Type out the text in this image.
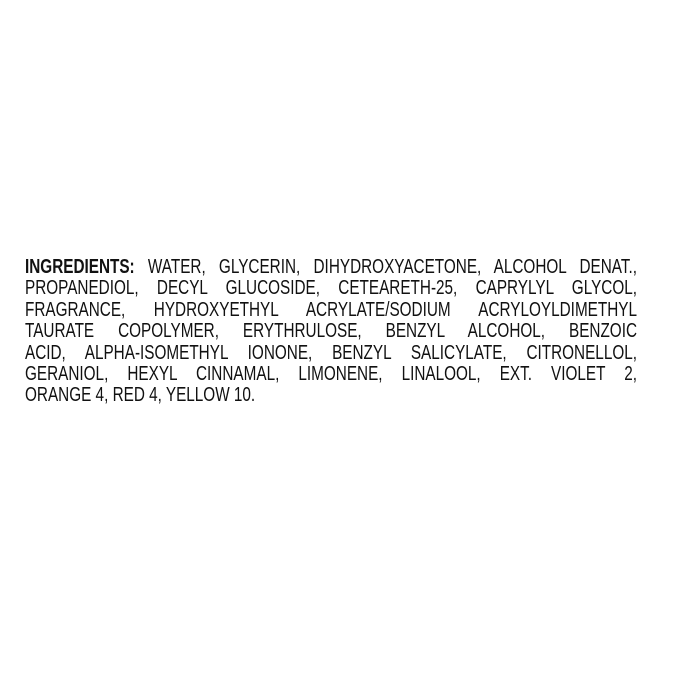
INGREDIENTS: WATER, GLYCERIN, DIHYDROXYACETONE, ALCOHOL DENAT.,
PROPANEDIOL, DECYL GLUCOSIDE, CETEARETH-25, CAPRYLYL GLYCOL,
FRAGRANCE, HYDROXYETHYL ACRYLATE/SODIUM ACRYLOYLDIMETHYL
TAURATE COPOLYMER, ERYTHRULOSE, BENZYL ALCOHOL, BENZOIC
ACID, ALPHA-ISOMETHYL IONONE, BENZYL SALICYLATE, CITRONELLOL,
GERANIOL, HEXYL CINNAMAL, LIMONENE, LINALOOL, EXT. VIOLET 2,
ORANGE 4, RED 4, YELLOW 10.
